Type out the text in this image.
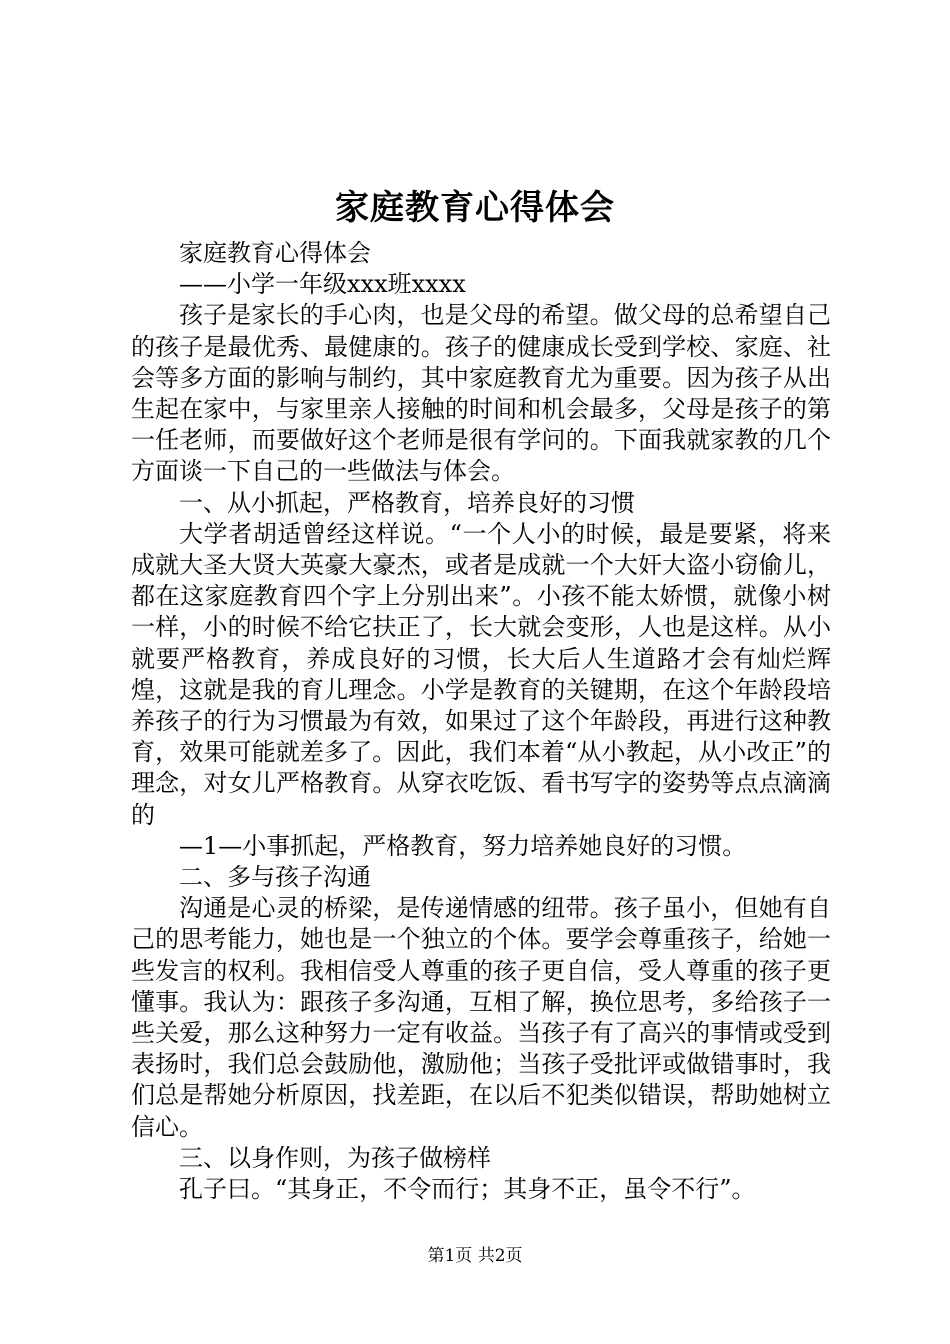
家庭教育心得体会

家庭教育心得体会

——小学一年级xxx班xxxx

孩子是家长的手心肉，也是父母的希望。做父母的总希望自己的孩子是最优秀、最健康的。孩子的健康成长受到学校、家庭、社会等多方面的影响与制约，其中家庭教育尤为重要。因为孩子从出生起在家中，与家里亲人接触的时间和机会最多，父母是孩子的第一任老师，而要做好这个老师是很有学问的。下面我就家教的几个方面谈一下自己的一些做法与体会。

一、从小抓起，严格教育，培养良好的习惯

大学者胡适曾经这样说。“一个人小的时候，最是要紧，将来成就大圣大贤大英豪大豪杰，或者是成就一个大奸大盗小窃偷儿，都在这家庭教育四个字上分别出来”。小孩不能太娇惯，就像小树一样，小的时候不给它扶正了，长大就会变形，人也是这样。从小就要严格教育，养成良好的习惯，长大后人生道路才会有灿烂辉煌，这就是我的育儿理念。小学是教育的关键期，在这个年龄段培养孩子的行为习惯最为有效，如果过了这个年龄段，再进行这种教育，效果可能就差多了。因此，我们本着“从小教起，从小改正”的理念，对女儿严格教育。从穿衣吃饭、看书写字的姿势等点点滴滴的

—1—小事抓起，严格教育，努力培养她良好的习惯。

二、多与孩子沟通

沟通是心灵的桥梁，是传递情感的纽带。孩子虽小，但她有自己的思考能力，她也是一个独立的个体。要学会尊重孩子，给她一些发言的权利。我相信受人尊重的孩子更自信，受人尊重的孩子更懂事。我认为：跟孩子多沟通，互相了解，换位思考，多给孩子一些关爱，那么这种努力一定有收益。当孩子有了高兴的事情或受到表扬时，我们总会鼓励他，激励他；当孩子受批评或做错事时，我们总是帮她分析原因，找差距，在以后不犯类似错误，帮助她树立信心。

三、以身作则，为孩子做榜样

孔子曰。“其身正，不令而行；其身不正，虽令不行”。

第1页 共2页
